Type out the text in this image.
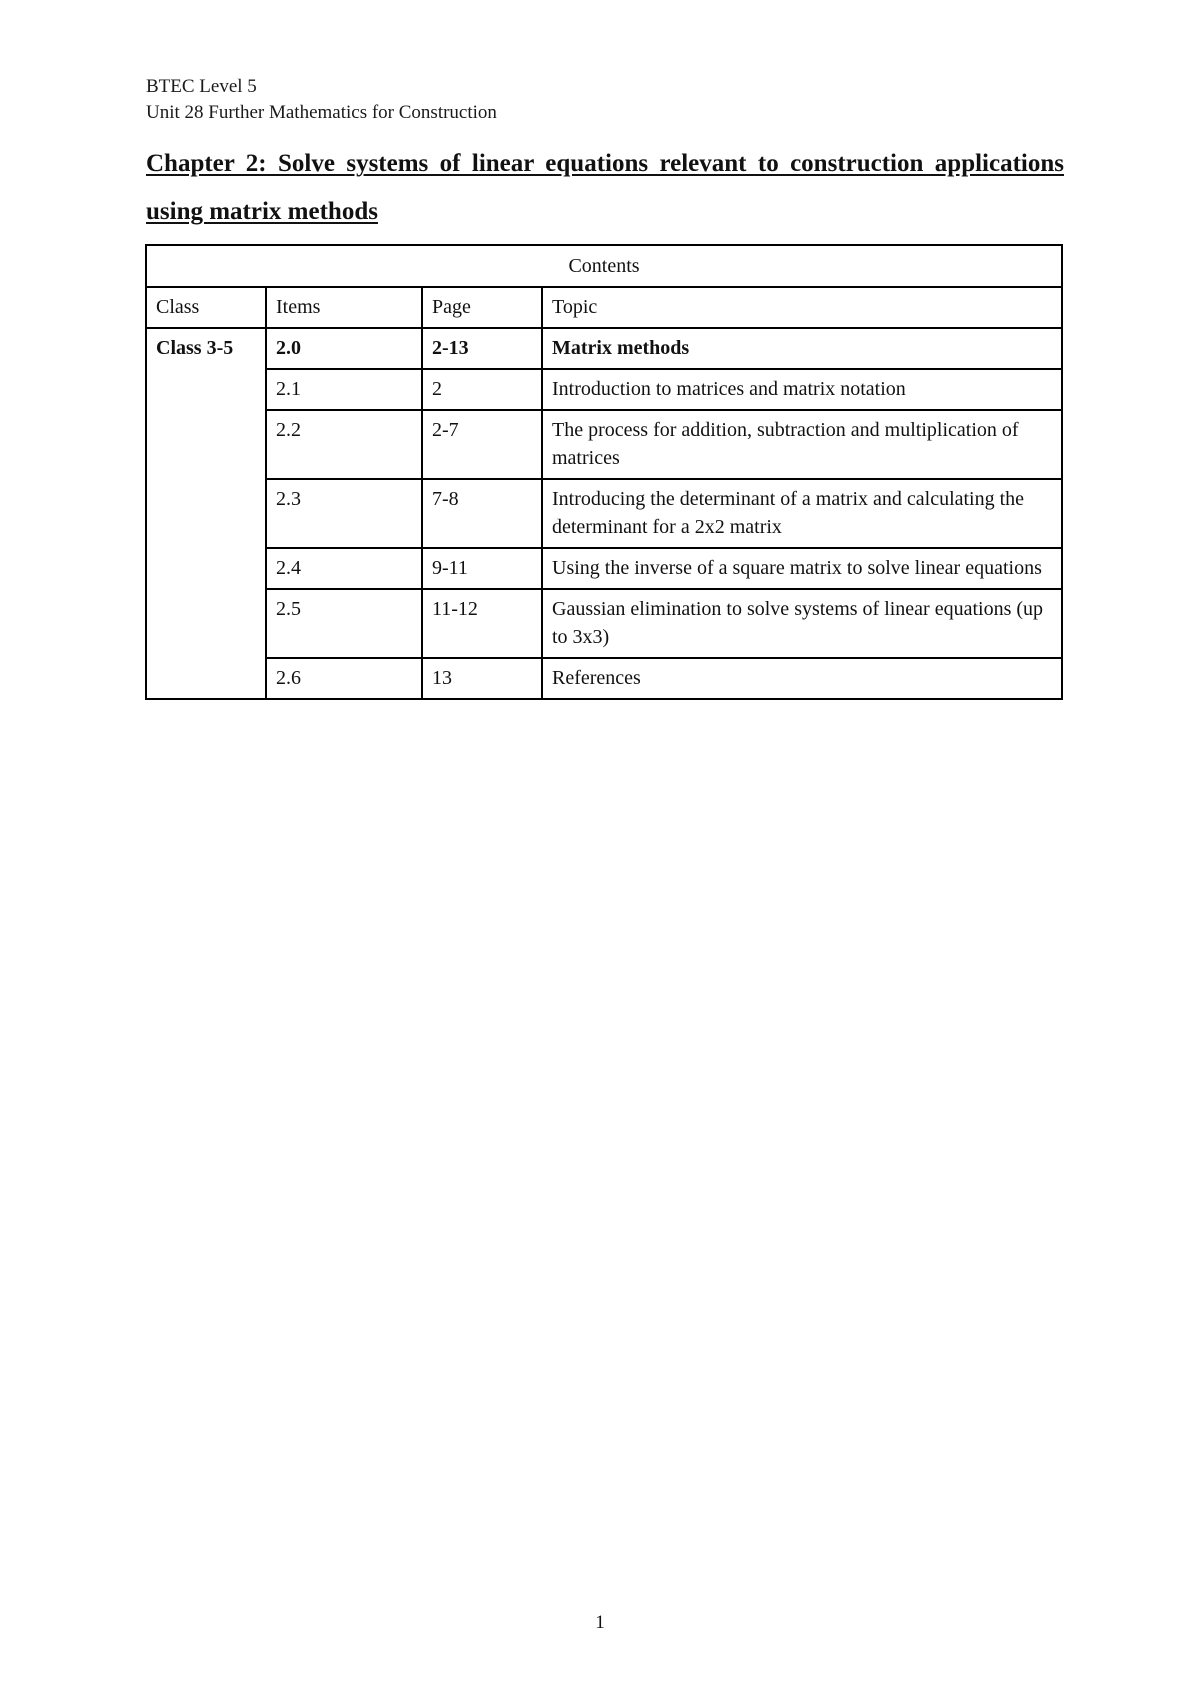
BTEC Level 5
Unit 28 Further Mathematics for Construction
Chapter 2: Solve systems of linear equations relevant to construction applications using matrix methods
Contents			
Class	Items	Page	Topic
Class 3-5	2.0	2-13	Matrix methods
	2.1	2	Introduction to matrices and matrix notation
	2.2	2-7	The process for addition, subtraction and multiplication of matrices
	2.3	7-8	Introducing the determinant of a matrix and calculating the determinant for a 2x2 matrix
	2.4	9-11	Using the inverse of a square matrix to solve linear equations
	2.5	11-12	Gaussian elimination to solve systems of linear equations (up to 3x3)
	2.6	13	References
1
